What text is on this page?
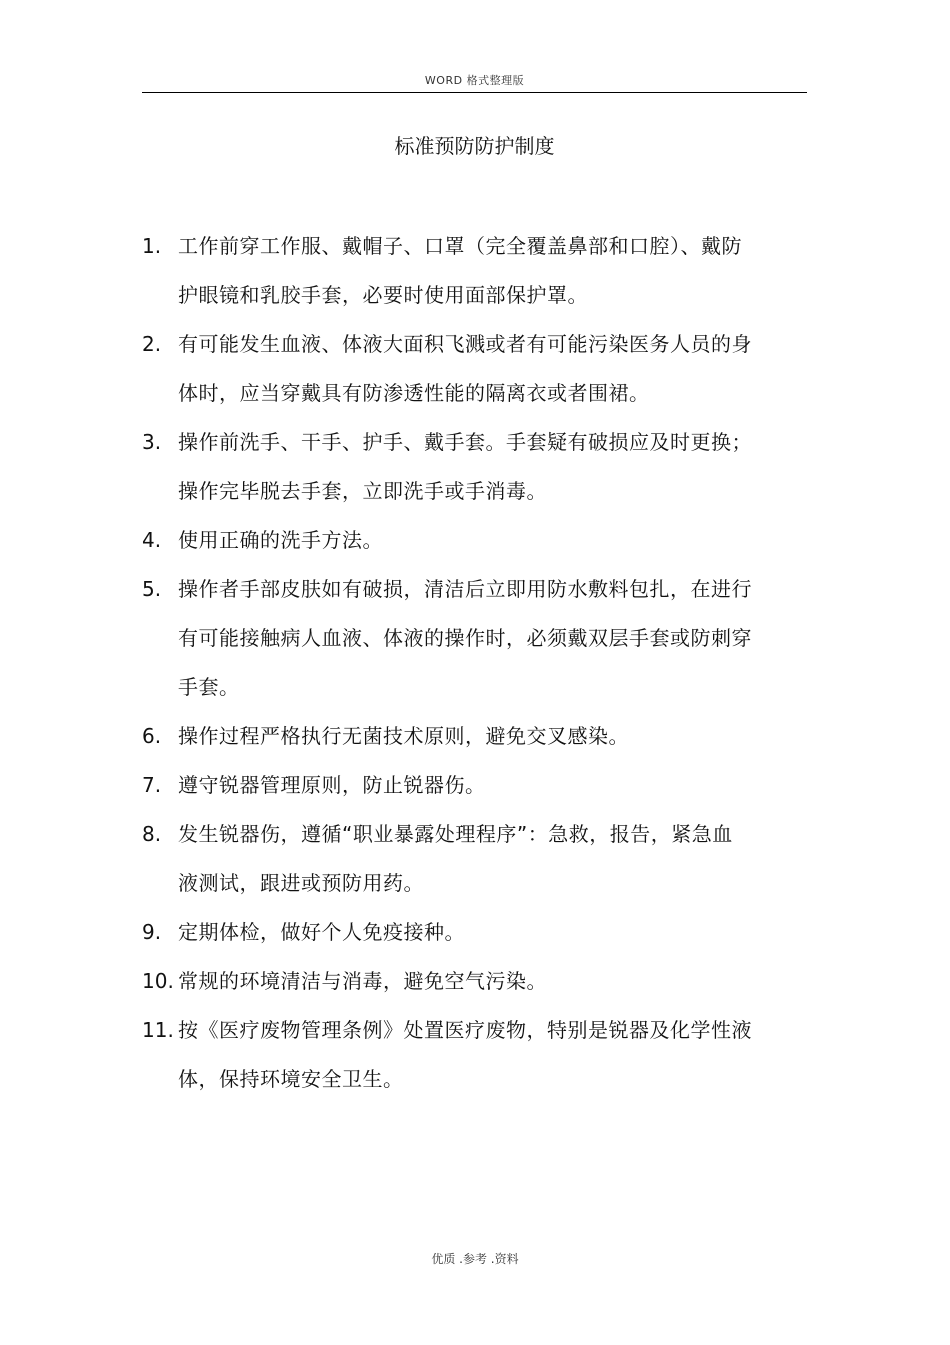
WORD 格式整理版
标准预防防护制度
1. 工作前穿工作服、戴帽子、口罩（完全覆盖鼻部和口腔）、戴防护眼镜和乳胶手套，必要时使用面部保护罩。
2. 有可能发生血液、体液大面积飞溅或者有可能污染医务人员的身体时，应当穿戴具有防渗透性能的隔离衣或者围裙。
3. 操作前洗手、干手、护手、戴手套。手套疑有破损应及时更换；操作完毕脱去手套，立即洗手或手消毒。
4. 使用正确的洗手方法。
5. 操作者手部皮肤如有破损，清洁后立即用防水敷料包扎，在进行有可能接触病人血液、体液的操作时，必须戴双层手套或防刺穿手套。
6. 操作过程严格执行无菌技术原则，避免交叉感染。
7. 遵守锐器管理原则，防止锐器伤。
8. 发生锐器伤，遵循“职业暴露处理程序”：急救，报告，紧急血液测试，跟进或预防用药。
9. 定期体检，做好个人免疫接种。
10. 常规的环境清洁与消毒，避免空气污染。
11. 按《医疗废物管理条例》处置医疗废物，特别是锐器及化学性液体，保持环境安全卫生。
优质 .参考 .资料
